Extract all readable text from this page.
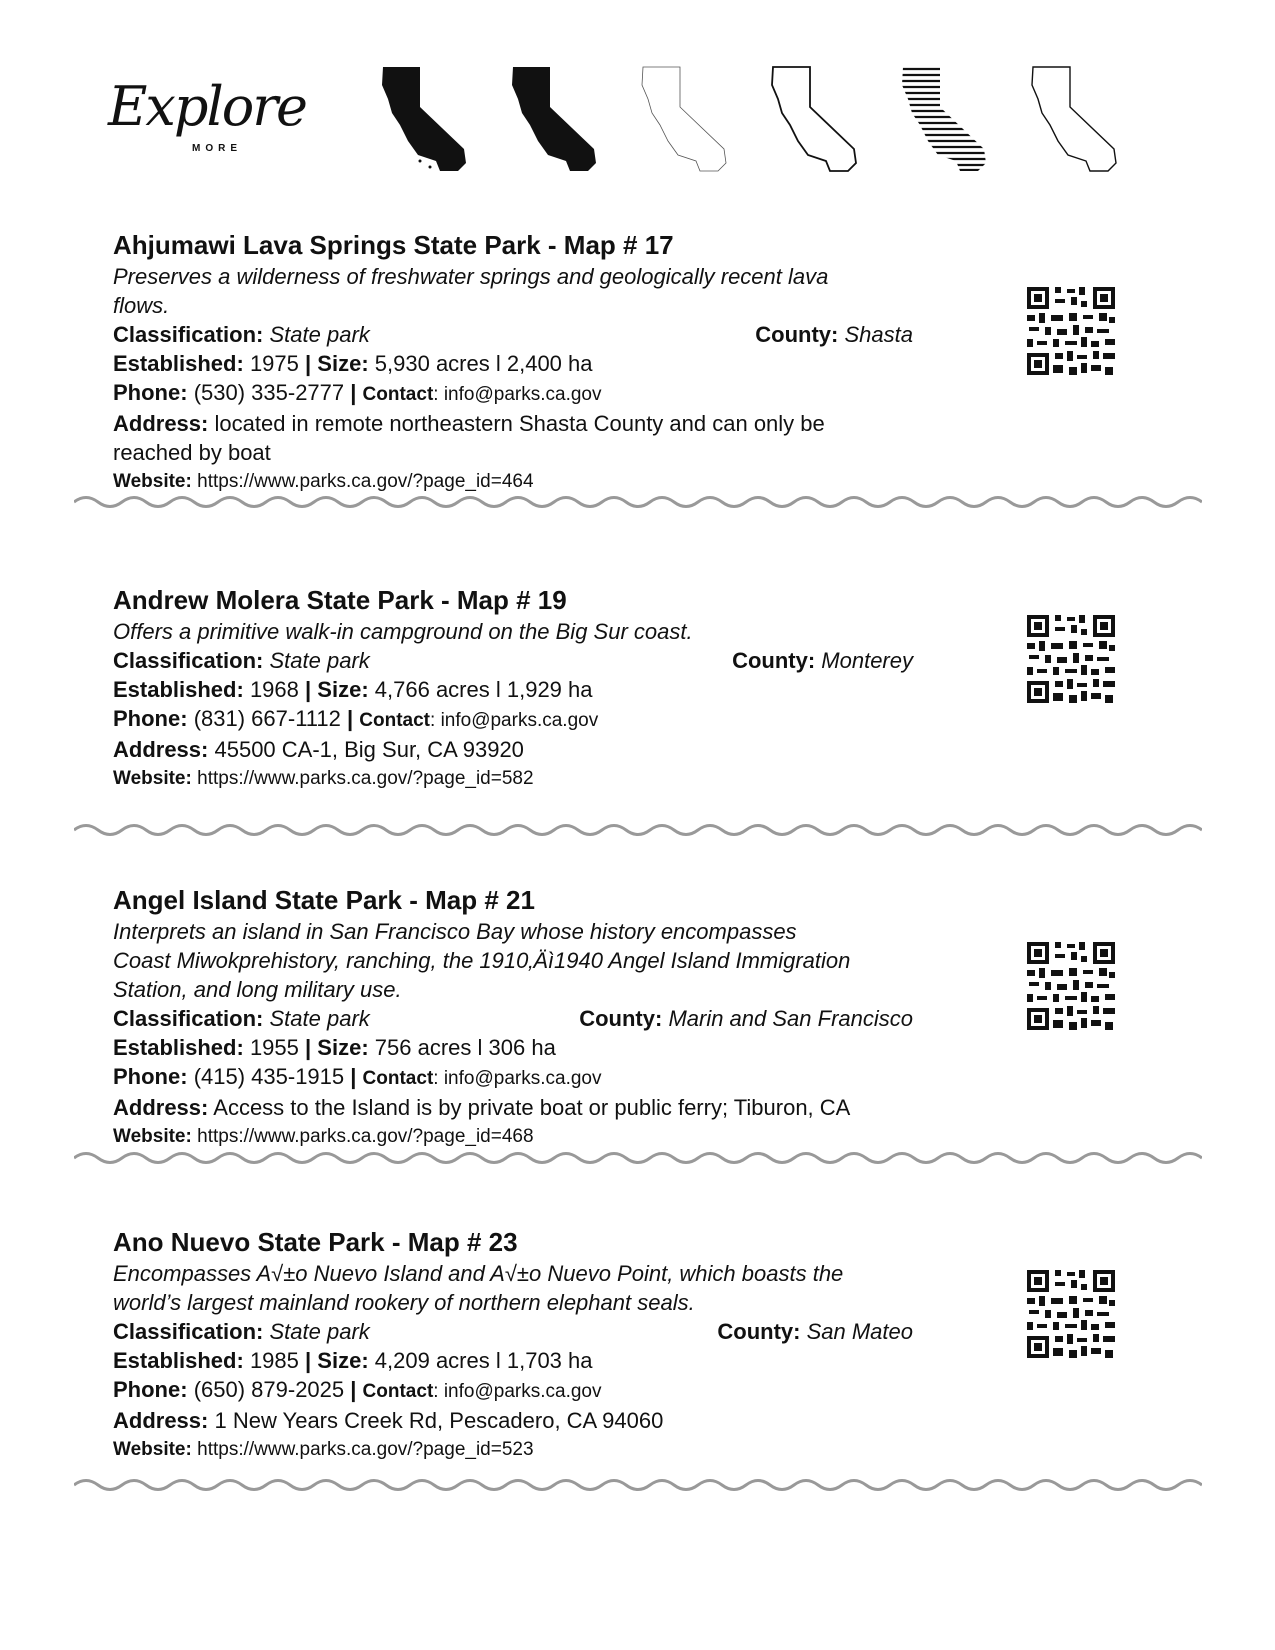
Explore
MORE
Ahjumawi Lava Springs State Park - Map # 17

Preserves a wilderness of freshwater springs and geologically recent lava flows.

Classification: State park	County: Shasta
Established: 1975 | Size: 5,930 acres l 2,400 ha
Phone: (530) 335-2777 | Contact: info@parks.ca.gov
Address: located in remote northeastern Shasta County and can only be reached by boat
Website: https://www.parks.ca.gov/?page_id=464
Andrew Molera State Park - Map # 19

Offers a primitive walk-in campground on the Big Sur coast.

Classification: State park	County: Monterey
Established: 1968 | Size: 4,766 acres l 1,929 ha
Phone: (831) 667-1112 | Contact: info@parks.ca.gov
Address: 45500 CA-1, Big Sur, CA 93920
Website: https://www.parks.ca.gov/?page_id=582
Angel Island State Park - Map # 21

Interprets an island in San Francisco Bay whose history encompasses Coast Miwokprehistory, ranching, the 1910‚Äì1940 Angel Island Immigration Station, and long military use.

Classification: State park	County: Marin and San Francisco
Established: 1955 | Size: 756 acres l 306 ha
Phone: (415) 435-1915 | Contact: info@parks.ca.gov
Address: Access to the Island is by private boat or public ferry; Tiburon, CA
Website: https://www.parks.ca.gov/?page_id=468
Ano Nuevo State Park - Map # 23

Encompasses A√±o Nuevo Island and A√±o Nuevo Point, which boasts the world’s largest mainland rookery of northern elephant seals.

Classification: State park	County: San Mateo
Established: 1985 | Size: 4,209 acres l 1,703 ha
Phone: (650) 879-2025 | Contact: info@parks.ca.gov
Address: 1 New Years Creek Rd, Pescadero, CA 94060
Website: https://www.parks.ca.gov/?page_id=523
